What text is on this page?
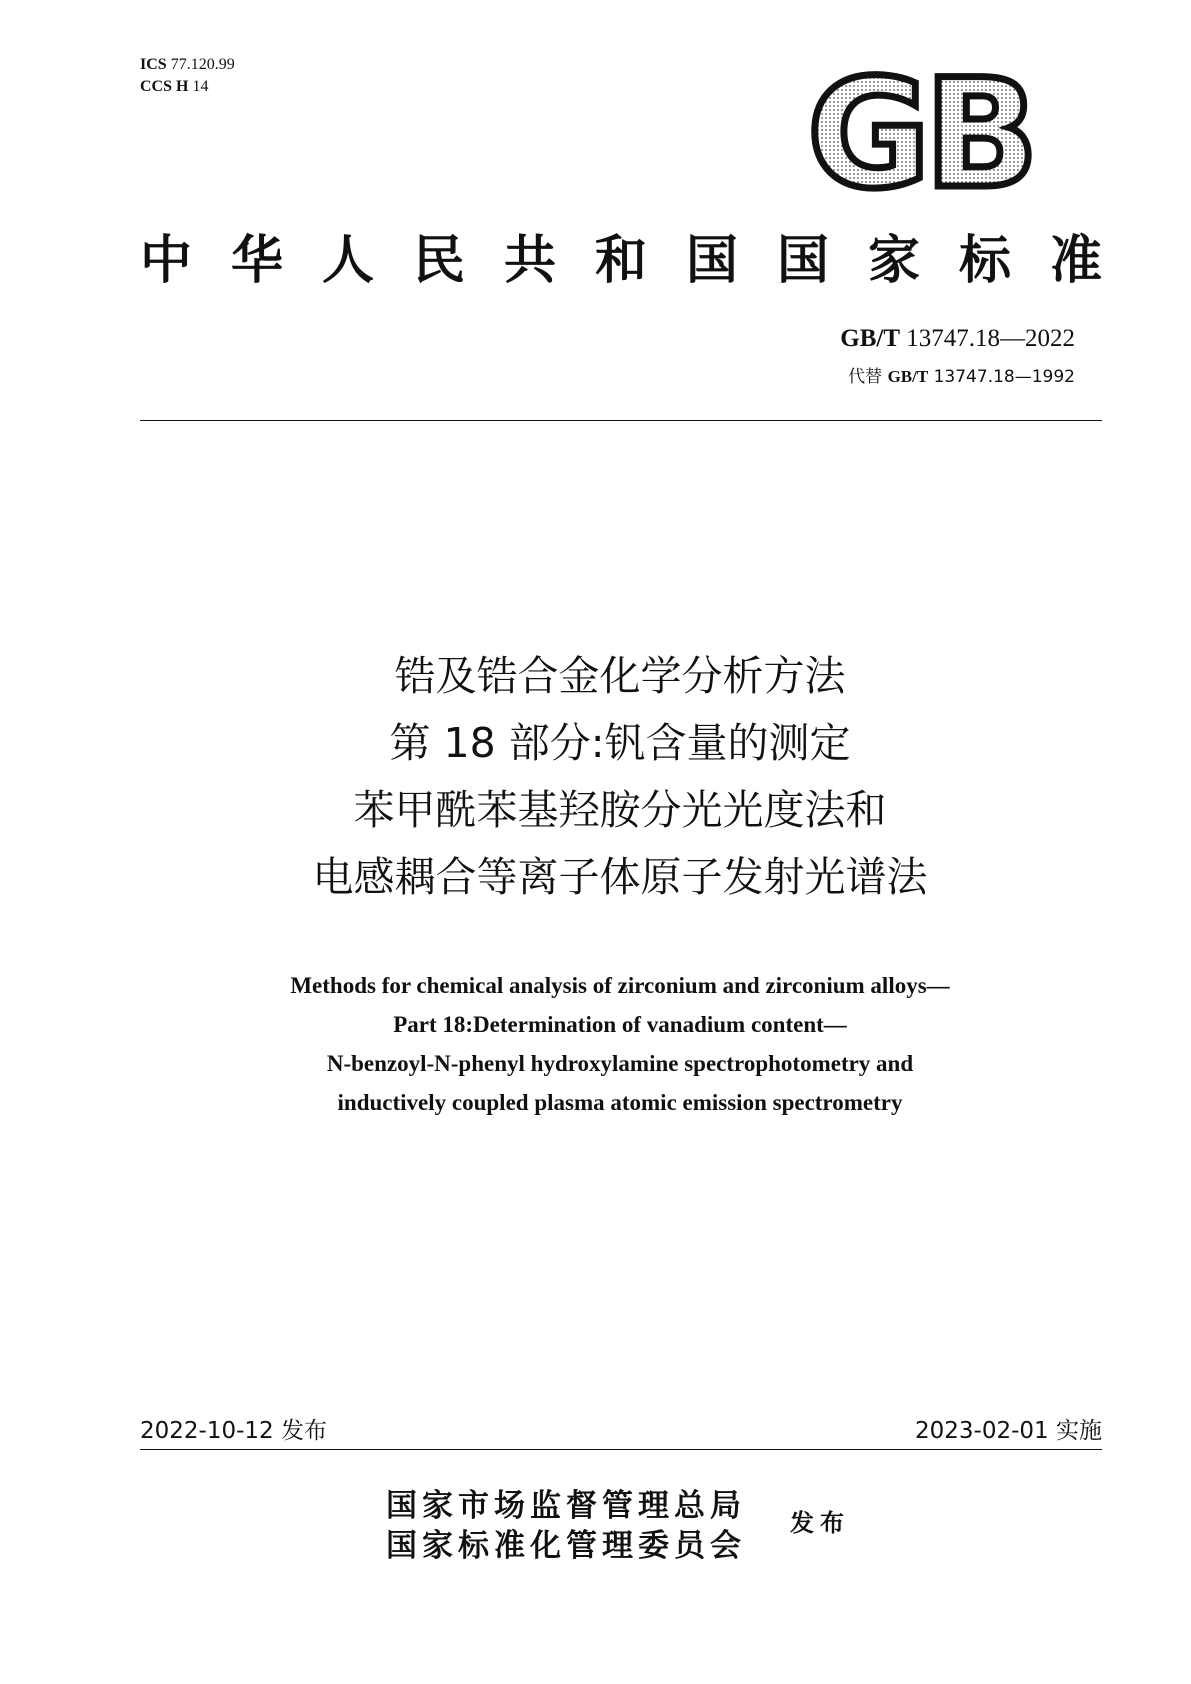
ICS 77.120.99
CCS H 14	GB
中华人民共和国国家标准
GB/T 13747.18—2022
代替 GB/T 13747.18—1992
锆及锆合金化学分析方法
第 18 部分:钒含量的测定
苯甲酰苯基羟胺分光光度法和
电感耦合等离子体原子发射光谱法
Methods for chemical analysis of zirconium and zirconium alloys—
Part 18:Determination of vanadium content—
N-benzoyl-N-phenyl hydroxylamine spectrophotometry and
inductively coupled plasma atomic emission spectrometry
2022-10-12 发布	2023-02-01 实施
国家市场监督管理总局
国家标准化管理委员会
发布
